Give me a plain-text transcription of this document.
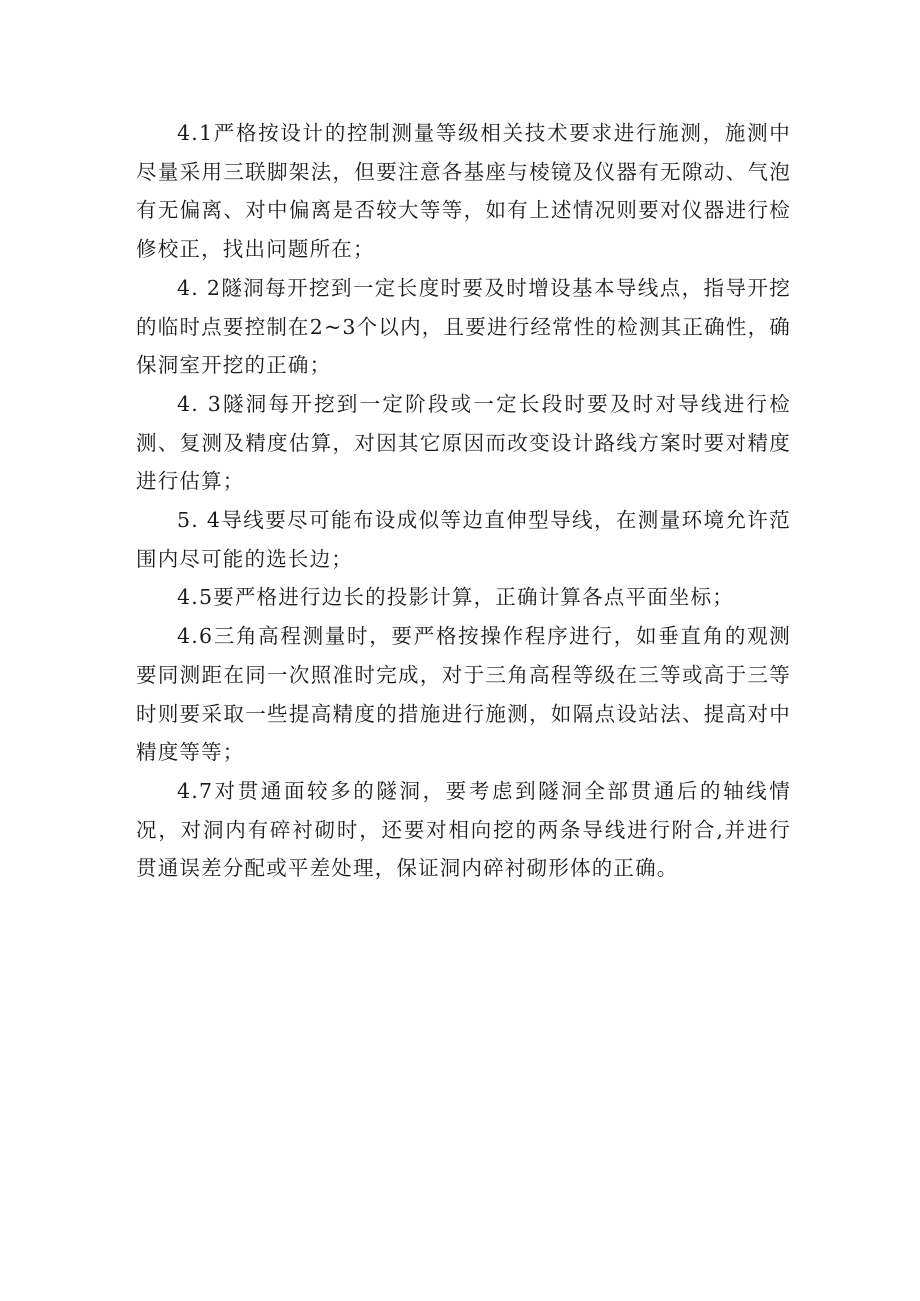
4.1严格按设计的控制测量等级相关技术要求进行施测，施测中尽量采用三联脚架法，但要注意各基座与棱镜及仪器有无隙动、气泡有无偏离、对中偏离是否较大等等，如有上述情况则要对仪器进行检修校正，找出问题所在；

4. 2隧洞每开挖到一定长度时要及时增设基本导线点，指导开挖的临时点要控制在2~3个以内，且要进行经常性的检测其正确性，确保洞室开挖的正确；

4. 3隧洞每开挖到一定阶段或一定长段时要及时对导线进行检测、复测及精度估算，对因其它原因而改变设计路线方案时要对精度进行估算；

5. 4导线要尽可能布设成似等边直伸型导线，在测量环境允许范围内尽可能的选长边；

4.5要严格进行边长的投影计算，正确计算各点平面坐标；

4.6三角高程测量时，要严格按操作程序进行，如垂直角的观测要同测距在同一次照准时完成，对于三角高程等级在三等或高于三等时则要采取一些提高精度的措施进行施测，如隔点设站法、提高对中精度等等；

4.7对贯通面较多的隧洞，要考虑到隧洞全部贯通后的轴线情况，对洞内有碎衬砌时，还要对相向挖的两条导线进行附合,并进行贯通误差分配或平差处理，保证洞内碎衬砌形体的正确。
